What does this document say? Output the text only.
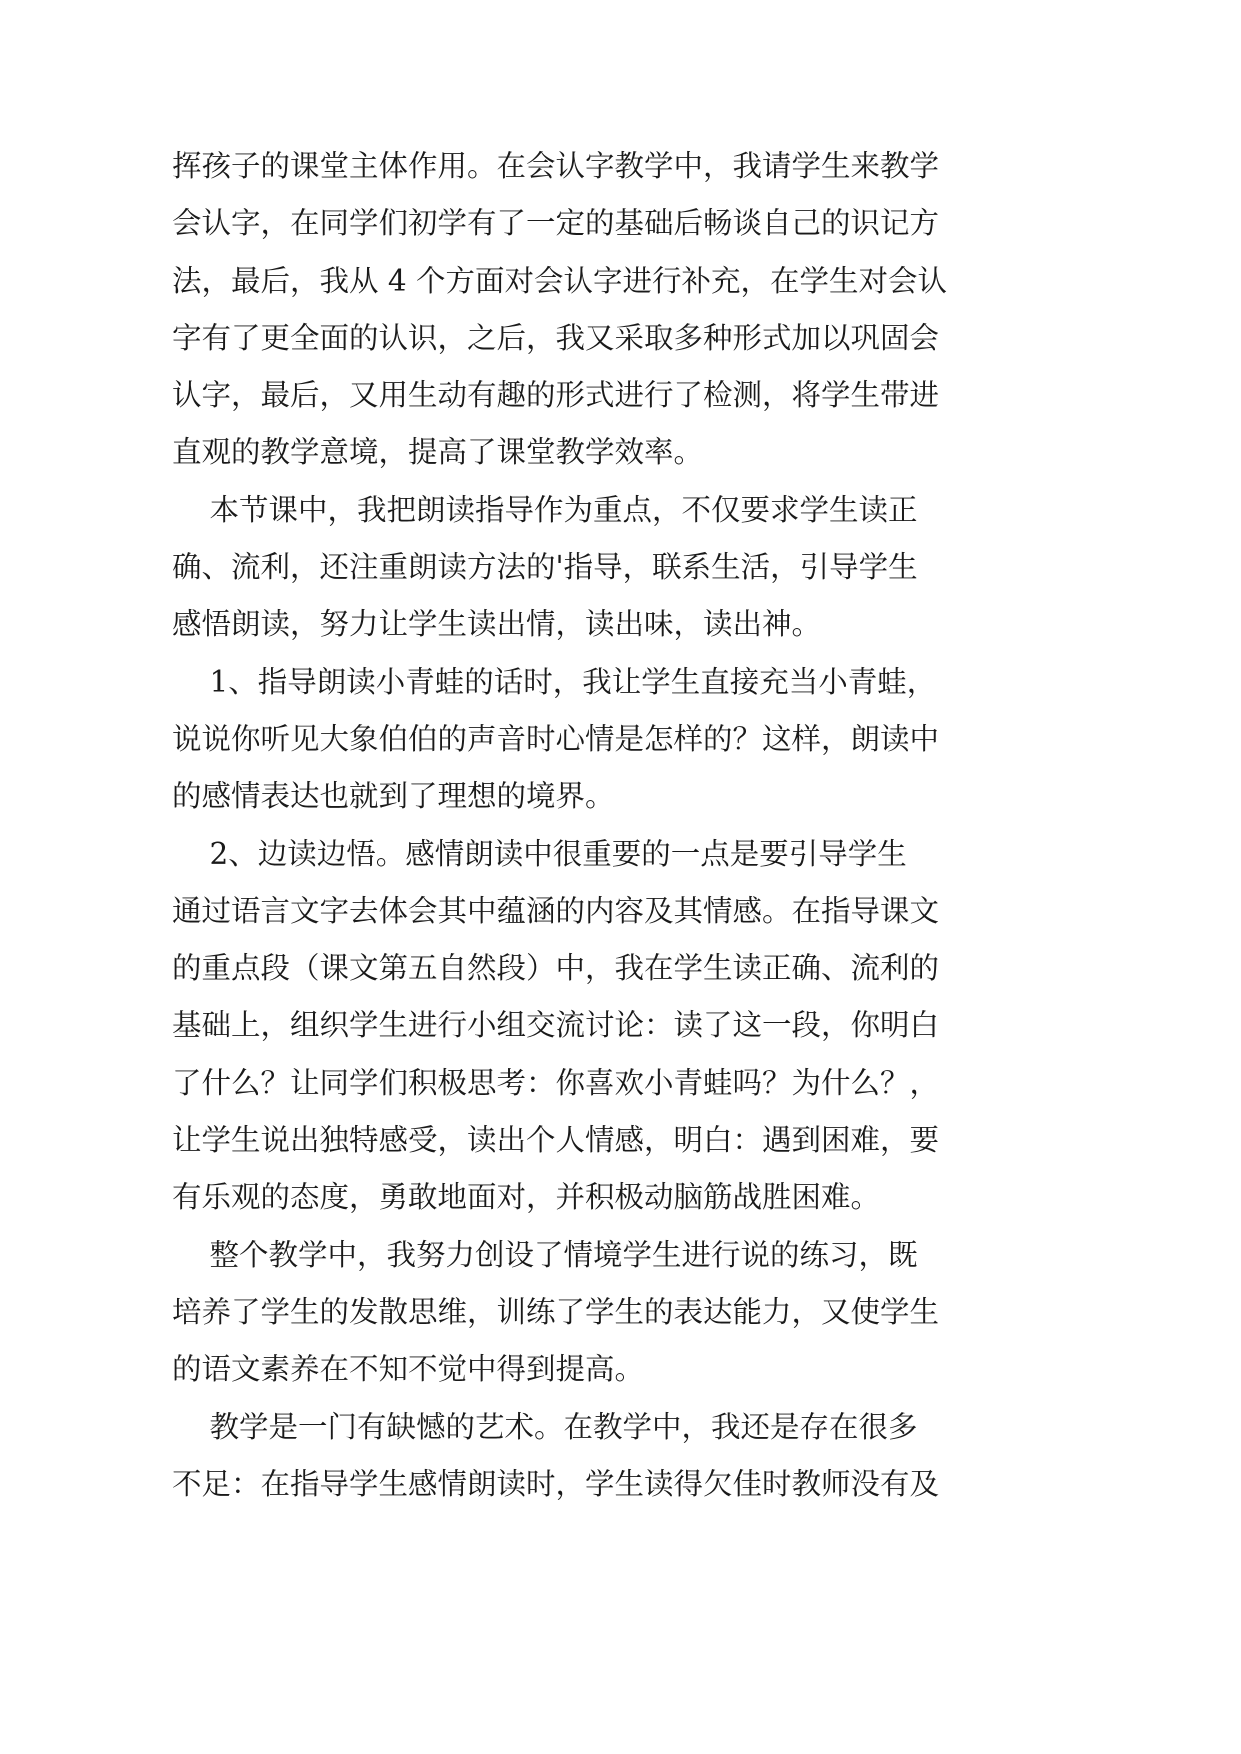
挥孩子的课堂主体作用。在会认字教学中，我请学生来教学
会认字，在同学们初学有了一定的基础后畅谈自己的识记方
法，最后，我从 4 个方面对会认字进行补充，在学生对会认
字有了更全面的认识，之后，我又采取多种形式加以巩固会
认字，最后，又用生动有趣的形式进行了检测，将学生带进
直观的教学意境，提高了课堂教学效率。
本节课中，我把朗读指导作为重点，不仅要求学生读正
确、流利，还注重朗读方法的'指导，联系生活，引导学生
感悟朗读，努力让学生读出情，读出味，读出神。
1、指导朗读小青蛙的话时，我让学生直接充当小青蛙，
说说你听见大象伯伯的声音时心情是怎样的？这样，朗读中
的感情表达也就到了理想的境界。
2、边读边悟。感情朗读中很重要的一点是要引导学生
通过语言文字去体会其中蕴涵的内容及其情感。在指导课文
的重点段（课文第五自然段）中，我在学生读正确、流利的
基础上，组织学生进行小组交流讨论：读了这一段，你明白
了什么？让同学们积极思考：你喜欢小青蛙吗？为什么？，
让学生说出独特感受，读出个人情感，明白：遇到困难，要
有乐观的态度，勇敢地面对，并积极动脑筋战胜困难。
整个教学中，我努力创设了情境学生进行说的练习，既
培养了学生的发散思维，训练了学生的表达能力，又使学生
的语文素养在不知不觉中得到提高。
教学是一门有缺憾的艺术。在教学中，我还是存在很多
不足：在指导学生感情朗读时，学生读得欠佳时教师没有及
